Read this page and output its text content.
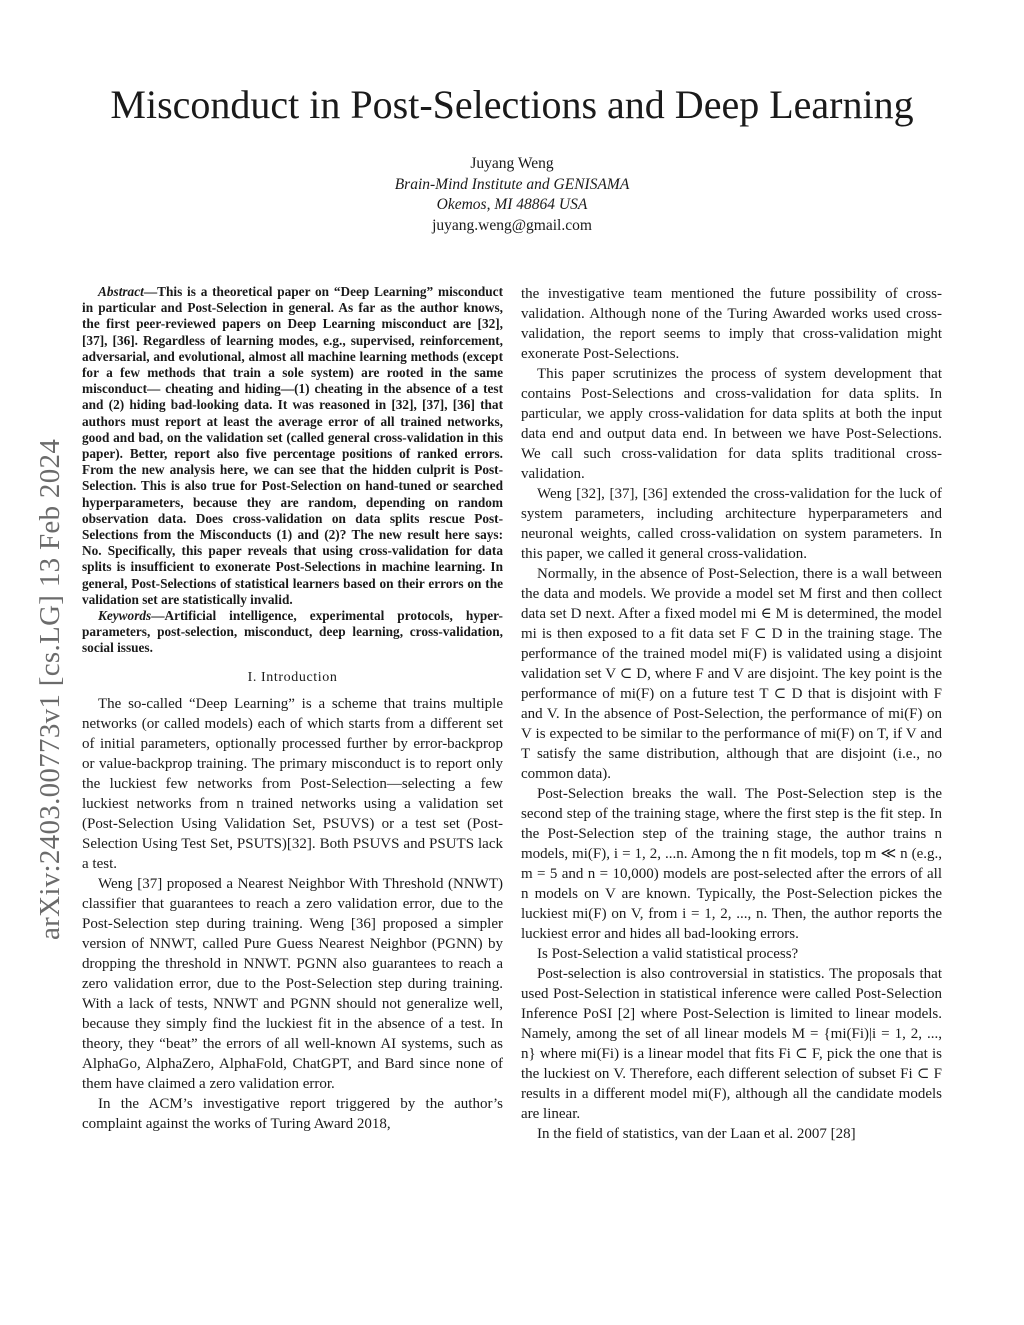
Misconduct in Post-Selections and Deep Learning
Juyang Weng
Brain-Mind Institute and GENISAMA
Okemos, MI 48864 USA
juyang.weng@gmail.com
arXiv:2403.00773v1 [cs.LG] 13 Feb 2024

Abstract—This is a theoretical paper on “Deep Learning” misconduct in particular and Post-Selection in general. As far as the author knows, the first peer-reviewed papers on Deep Learning misconduct are [32], [37], [36]. Regardless of learning modes, e.g., supervised, reinforcement, adversarial, and evolutional, almost all machine learning methods (except for a few methods that train a sole system) are rooted in the same misconduct— cheating and hiding—(1) cheating in the absence of a test and (2) hiding bad-looking data. It was reasoned in [32], [37], [36] that authors must report at least the average error of all trained networks, good and bad, on the validation set (called general cross-validation in this paper). Better, report also five percentage positions of ranked errors. From the new analysis here, we can see that the hidden culprit is Post-Selection. This is also true for Post-Selection on hand-tuned or searched hyperparameters, because they are random, depending on random observation data. Does cross-validation on data splits rescue Post-Selections from the Misconducts (1) and (2)? The new result here says: No. Specifically, this paper reveals that using cross-validation for data splits is insufficient to exonerate Post-Selections in machine learning. In general, Post-Selections of statistical learners based on their errors on the validation set are statistically invalid.

Keywords—Artificial intelligence, experimental protocols, hyper-parameters, post-selection, misconduct, deep learning, cross-validation, social issues.

I. Introduction

The so-called “Deep Learning” is a scheme that trains multiple networks (or called models) each of which starts from a different set of initial parameters, optionally processed further by error-backprop or value-backprop training. The primary misconduct is to report only the luckiest few networks from Post-Selection—selecting a few luckiest networks from n trained networks using a validation set (Post-Selection Using Validation Set, PSUVS) or a test set (Post-Selection Using Test Set, PSUTS)[32]. Both PSUVS and PSUTS lack a test.

Weng [37] proposed a Nearest Neighbor With Threshold (NNWT) classifier that guarantees to reach a zero validation error, due to the Post-Selection step during training. Weng [36] proposed a simpler version of NNWT, called Pure Guess Nearest Neighbor (PGNN) by dropping the threshold in NNWT. PGNN also guarantees to reach a zero validation error, due to the Post-Selection step during training. With a lack of tests, NNWT and PGNN should not generalize well, because they simply find the luckiest fit in the absence of a test. In theory, they “beat” the errors of all well-known AI systems, such as AlphaGo, AlphaZero, AlphaFold, ChatGPT, and Bard since none of them have claimed a zero validation error.

In the ACM’s investigative report triggered by the author’s complaint against the works of Turing Award 2018,

the investigative team mentioned the future possibility of cross-validation. Although none of the Turing Awarded works used cross-validation, the report seems to imply that cross-validation might exonerate Post-Selections.

This paper scrutinizes the process of system development that contains Post-Selections and cross-validation for data splits. In particular, we apply cross-validation for data splits at both the input data end and output data end. In between we have Post-Selections. We call such cross-validation for data splits traditional cross-validation.

Weng [32], [37], [36] extended the cross-validation for the luck of system parameters, including architecture hyperparameters and neuronal weights, called cross-validation on system parameters. In this paper, we called it general cross-validation.

Normally, in the absence of Post-Selection, there is a wall between the data and models. We provide a model set M first and then collect data set D next. After a fixed model mi ∈ M is determined, the model mi is then exposed to a fit data set F ⊂ D in the training stage. The performance of the trained model mi(F) is validated using a disjoint validation set V ⊂ D, where F and V are disjoint. The key point is the performance of mi(F) on a future test T ⊂ D that is disjoint with F and V. In the absence of Post-Selection, the performance of mi(F) on V is expected to be similar to the performance of mi(F) on T, if V and T satisfy the same distribution, although that are disjoint (i.e., no common data).

Post-Selection breaks the wall. The Post-Selection step is the second step of the training stage, where the first step is the fit step. In the Post-Selection step of the training stage, the author trains n models, mi(F), i = 1, 2, ...n. Among the n fit models, top m ≪ n (e.g., m = 5 and n = 10,000) models are post-selected after the errors of all n models on V are known. Typically, the Post-Selection pickes the luckiest mi(F) on V, from i = 1, 2, ..., n. Then, the author reports the luckiest error and hides all bad-looking errors.

Is Post-Selection a valid statistical process?

Post-selection is also controversial in statistics. The proposals that used Post-Selection in statistical inference were called Post-Selection Inference PoSI [2] where Post-Selection is limited to linear models. Namely, among the set of all linear models M = {mi(Fi)|i = 1, 2, ..., n} where mi(Fi) is a linear model that fits Fi ⊂ F, pick the one that is the luckiest on V. Therefore, each different selection of subset Fi ⊂ F results in a different model mi(F), although all the candidate models are linear.

In the field of statistics, van der Laan et al. 2007 [28]
